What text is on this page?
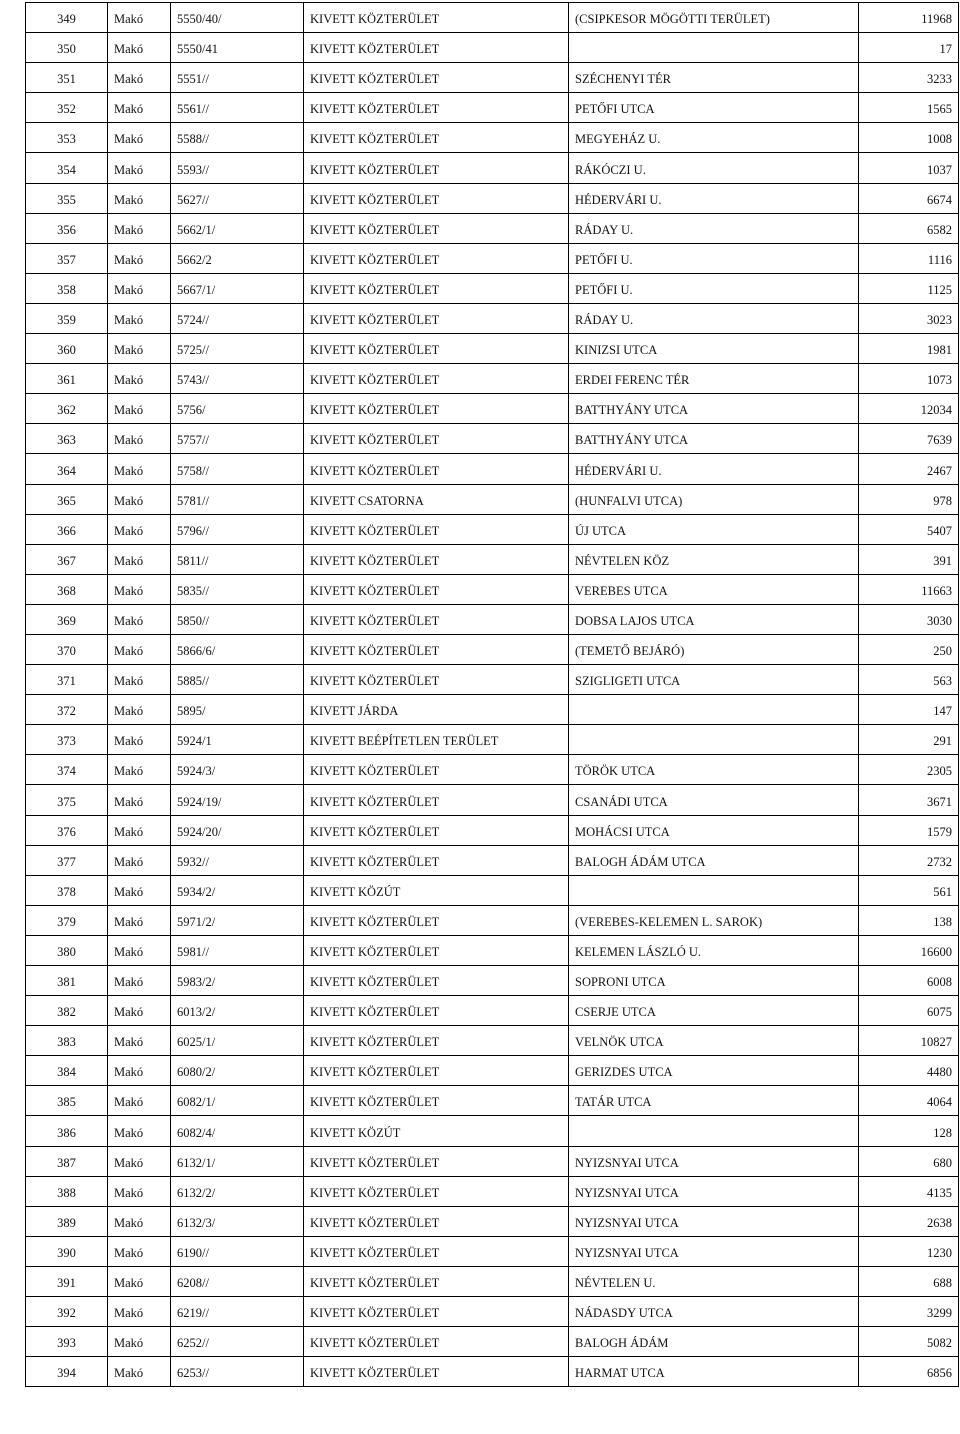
349	Makó	5550/40/	KIVETT KÖZTERÜLET	(CSIPKESOR MÖGÖTTI TERÜLET)	11968
350	Makó	5550/41	KIVETT KÖZTERÜLET		17
351	Makó	5551//	KIVETT KÖZTERÜLET	SZÉCHENYI TÉR	3233
352	Makó	5561//	KIVETT KÖZTERÜLET	PETŐFI UTCA	1565
353	Makó	5588//	KIVETT KÖZTERÜLET	MEGYEHÁZ U.	1008
354	Makó	5593//	KIVETT KÖZTERÜLET	RÁKÓCZI U.	1037
355	Makó	5627//	KIVETT KÖZTERÜLET	HÉDERVÁRI U.	6674
356	Makó	5662/1/	KIVETT KÖZTERÜLET	RÁDAY U.	6582
357	Makó	5662/2	KIVETT KÖZTERÜLET	PETŐFI U.	1116
358	Makó	5667/1/	KIVETT KÖZTERÜLET	PETŐFI U.	1125
359	Makó	5724//	KIVETT KÖZTERÜLET	RÁDAY U.	3023
360	Makó	5725//	KIVETT KÖZTERÜLET	KINIZSI UTCA	1981
361	Makó	5743//	KIVETT KÖZTERÜLET	ERDEI FERENC TÉR	1073
362	Makó	5756/	KIVETT KÖZTERÜLET	BATTHYÁNY UTCA	12034
363	Makó	5757//	KIVETT KÖZTERÜLET	BATTHYÁNY UTCA	7639
364	Makó	5758//	KIVETT KÖZTERÜLET	HÉDERVÁRI U.	2467
365	Makó	5781//	KIVETT CSATORNA	(HUNFALVI UTCA)	978
366	Makó	5796//	KIVETT KÖZTERÜLET	ÚJ UTCA	5407
367	Makó	5811//	KIVETT KÖZTERÜLET	NÉVTELEN KÖZ	391
368	Makó	5835//	KIVETT KÖZTERÜLET	VEREBES UTCA	11663
369	Makó	5850//	KIVETT KÖZTERÜLET	DOBSA LAJOS UTCA	3030
370	Makó	5866/6/	KIVETT KÖZTERÜLET	(TEMETŐ BEJÁRÓ)	250
371	Makó	5885//	KIVETT KÖZTERÜLET	SZIGLIGETI UTCA	563
372	Makó	5895/	KIVETT JÁRDA		147
373	Makó	5924/1	KIVETT BEÉPÍTETLEN TERÜLET		291
374	Makó	5924/3/	KIVETT KÖZTERÜLET	TÖRÖK UTCA	2305
375	Makó	5924/19/	KIVETT KÖZTERÜLET	CSANÁDI UTCA	3671
376	Makó	5924/20/	KIVETT KÖZTERÜLET	MOHÁCSI UTCA	1579
377	Makó	5932//	KIVETT KÖZTERÜLET	BALOGH ÁDÁM UTCA	2732
378	Makó	5934/2/	KIVETT KÖZÚT		561
379	Makó	5971/2/	KIVETT KÖZTERÜLET	(VEREBES-KELEMEN L. SAROK)	138
380	Makó	5981//	KIVETT KÖZTERÜLET	KELEMEN LÁSZLÓ U.	16600
381	Makó	5983/2/	KIVETT KÖZTERÜLET	SOPRONI UTCA	6008
382	Makó	6013/2/	KIVETT KÖZTERÜLET	CSERJE UTCA	6075
383	Makó	6025/1/	KIVETT KÖZTERÜLET	VELNÖK UTCA	10827
384	Makó	6080/2/	KIVETT KÖZTERÜLET	GERIZDES UTCA	4480
385	Makó	6082/1/	KIVETT KÖZTERÜLET	TATÁR UTCA	4064
386	Makó	6082/4/	KIVETT KÖZÚT		128
387	Makó	6132/1/	KIVETT KÖZTERÜLET	NYIZSNYAI UTCA	680
388	Makó	6132/2/	KIVETT KÖZTERÜLET	NYIZSNYAI UTCA	4135
389	Makó	6132/3/	KIVETT KÖZTERÜLET	NYIZSNYAI UTCA	2638
390	Makó	6190//	KIVETT KÖZTERÜLET	NYIZSNYAI UTCA	1230
391	Makó	6208//	KIVETT KÖZTERÜLET	NÉVTELEN U.	688
392	Makó	6219//	KIVETT KÖZTERÜLET	NÁDASDY UTCA	3299
393	Makó	6252//	KIVETT KÖZTERÜLET	BALOGH ÁDÁM	5082
394	Makó	6253//	KIVETT KÖZTERÜLET	HARMAT UTCA	6856
